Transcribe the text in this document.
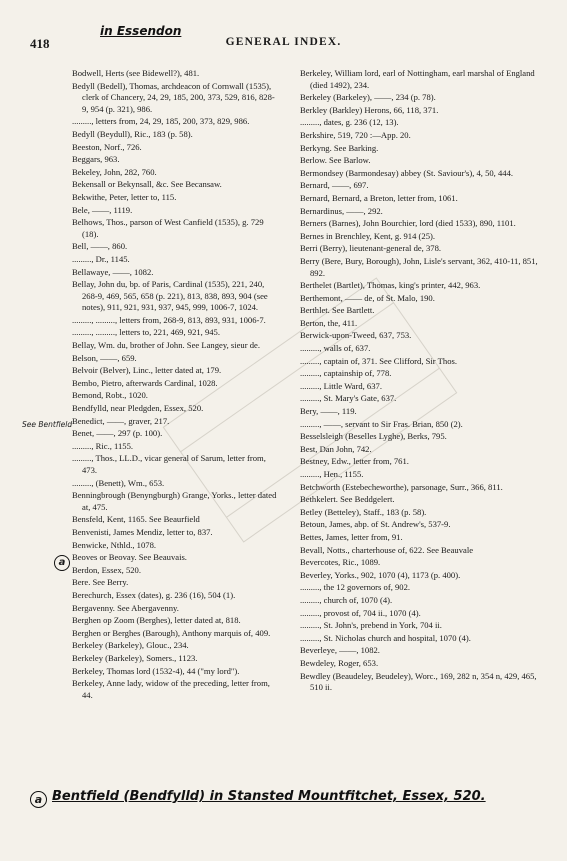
418	GENERAL INDEX.
in Essendon
See Bentfield
a
Bodwell, Herts (see Bidewell?), 481.
Bedyll (Bedell), Thomas, archdeacon of Cornwall (1535), clerk of Chancery, 24, 29, 185, 200, 373, 529, 816, 828-9, 954 (p. 321), 986.
........., letters from, 24, 29, 185, 200, 373, 829, 986.
Bedyll (Beydull), Ric., 183 (p. 58).
Beeston, Norf., 726.
Beggars, 963.
Bekeley, John, 282, 760.
Bekensall or Bekynsall, &c. See Becansaw.
Bekwithe, Peter, letter to, 115.
Bele, ——, 1119.
Belhows, Thos., parson of West Canfield (1535), g. 729 (18).
Bell, ——, 860.
........., Dr., 1145.
Bellawaye, ——, 1082.
Bellay, John du, bp. of Paris, Cardinal (1535), 221, 240, 268-9, 469, 565, 658 (p. 221), 813, 838, 893, 904 (see notes), 911, 921, 931, 937, 945, 999, 1006-7, 1024.
........., ........., letters from, 268-9, 813, 893, 931, 1006-7.
........., ........., letters to, 221, 469, 921, 945.
Bellay, Wm. du, brother of John. See Langey, sieur de.
Belson, ——, 659.
Belvoir (Belver), Linc., letter dated at, 179.
Bembo, Pietro, afterwards Cardinal, 1028.
Bemond, Robt., 1020.
Bendfylld, near Pledgden, Essex, 520.
Benedict, ——, graver, 217.
Benet, ——, 297 (p. 100).
........., Ric., 1155.
........., Thos., LL.D., vicar general of Sarum, letter from, 473.
........., (Benett), Wm., 653.
Benningbrough (Benyngburgh) Grange, Yorks., letter dated at, 475.
Bensfeld, Kent, 1165. See Beaurfield
Benvenisti, James Mendiz, letter to, 837.
Benwicke, Nthld., 1078.
Beoves or Beovay. See Beauvais.
Berdon, Essex, 520.
Bere. See Berry.
Berechurch, Essex (dates), g. 236 (16), 504 (1).
Bergavenny. See Abergavenny.
Berghen op Zoom (Berghes), letter dated at, 818.
Berghen or Berghes (Barough), Anthony marquis of, 409.
Berkeley (Barkeley), Glouc., 234.
Berkeley (Barkeley), Somers., 1123.
Berkeley, Thomas lord (1532-4), 44 ("my lord").
Berkeley, Anne lady, widow of the preceding, letter from, 44.
Berkeley, William lord, earl of Nottingham, earl marshal of England (died 1492), 234.
Berkeley (Barkeley), ——, 234 (p. 78).
Berkley (Barkley) Herons, 66, 118, 371.
........., dates, g. 236 (12, 13).
Berkshire, 519, 720 :—App. 20.
Berkyng. See Barking.
Berlow. See Barlow.
Bermondsey (Barmondesay) abbey (St. Saviour's), 4, 50, 444.
Bernard, ——, 697.
Bernard, Bernard, a Breton, letter from, 1061.
Bernardinus, ——, 292.
Berners (Barnes), John Bourchier, lord (died 1533), 890, 1101.
Bernes in Brenchley, Kent, g. 914 (25).
Berri (Berry), lieutenant-general de, 378.
Berry (Bere, Bury, Borough), John, Lisle's servant, 362, 410-11, 851, 892.
Berthelet (Bartlet), Thomas, king's printer, 442, 963.
Berthemont, —— de, of St. Malo, 190.
Berthlet. See Bartlett.
Berton, the, 411.
Berwick-upon-Tweed, 637, 753.
........., walls of, 637.
........., captain of, 371. See Clifford, Sir Thos.
........., captainship of, 778.
........., Little Ward, 637.
........., St. Mary's Gate, 637.
Bery, ——, 119.
........., ——, servant to Sir Fras. Brian, 850 (2).
Besselsleigh (Beselles Lyghe), Berks, 795.
Best, Dan John, 742.
Bestney, Edw., letter from, 761.
........., Hen., 1155.
Betchworth (Estebecheworthe), parsonage, Surr., 366, 811.
Bethkelert. See Beddgelert.
Betley (Betteley), Staff., 183 (p. 58).
Betoun, James, abp. of St. Andrew's, 537-9.
Bettes, James, letter from, 91.
Bevall, Notts., charterhouse of, 622. See Beauvale
Bevercotes, Ric., 1089.
Beverley, Yorks., 902, 1070 (4), 1173 (p. 400).
........., the 12 governors of, 902.
........., church of, 1070 (4).
........., provost of, 704 ii., 1070 (4).
........., St. John's, prebend in York, 704 ii.
........., St. Nicholas church and hospital, 1070 (4).
Beverleye, ——, 1082.
Bewdeley, Roger, 653.
Bewdley (Beaudeley, Beudeley), Worc., 169, 282 n, 354 n, 429, 465, 510 ii.
a Bentfield (Bendfylld) in Stansted Mountfitchet, Essex, 520.
